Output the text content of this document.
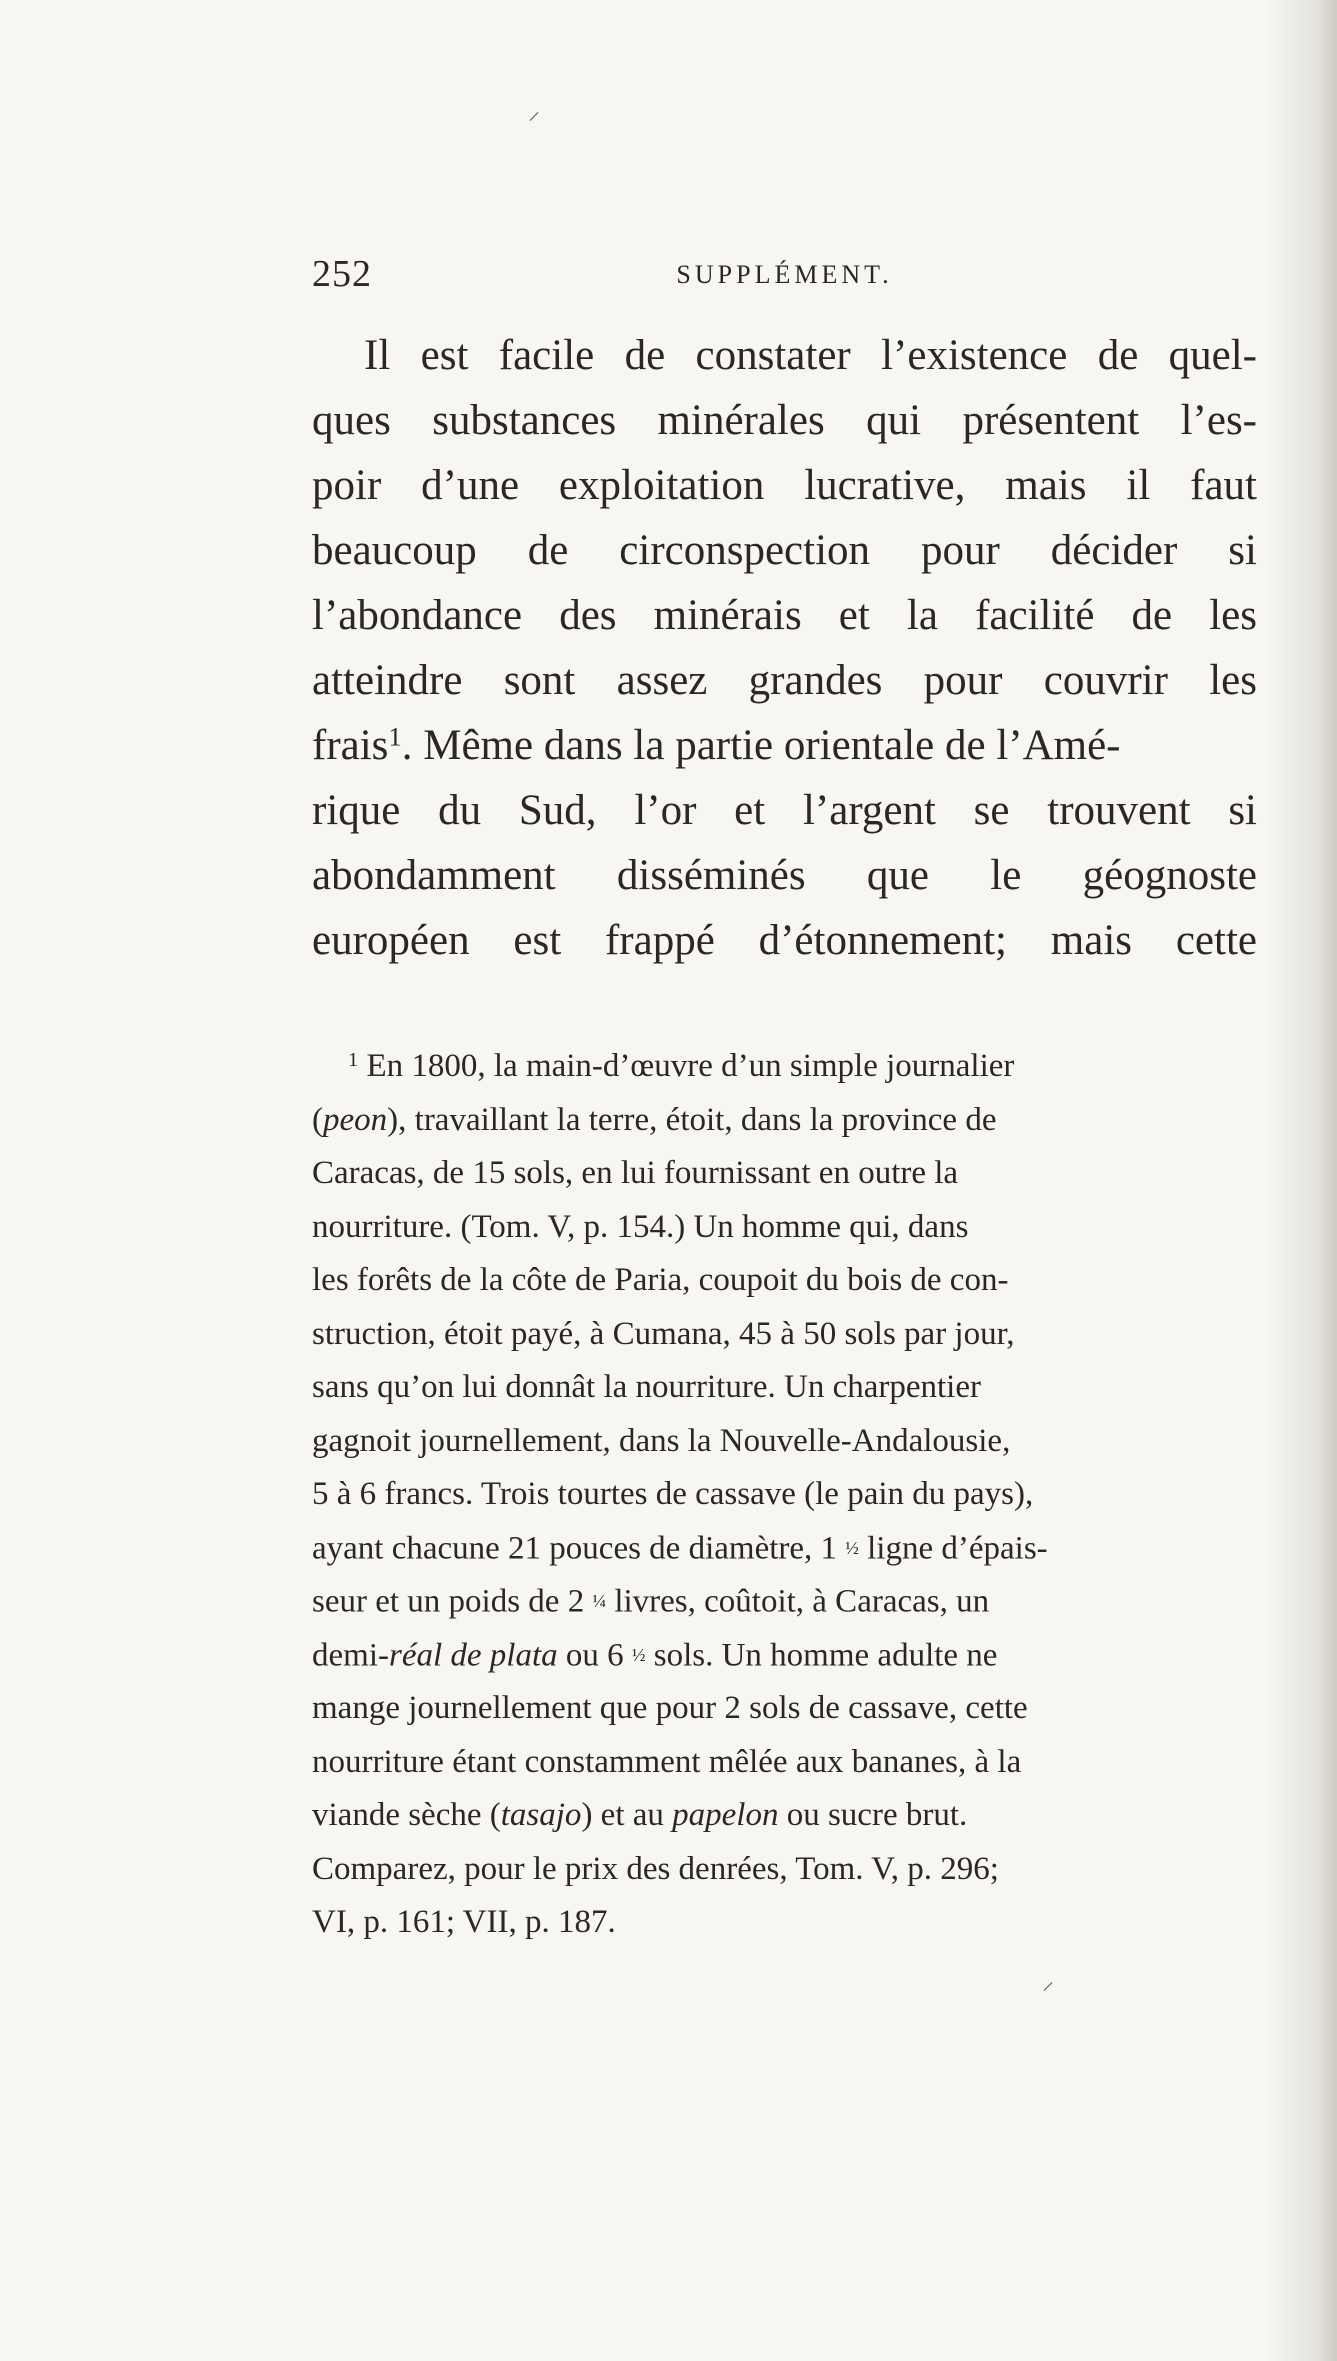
⸝
⸝
252	SUPPLÉMENT.
Il est facile de constater l’existence de quel-
ques substances minérales qui présentent l’es-
poir d’une exploitation lucrative, mais il faut
beaucoup de circonspection pour décider si
l’abondance des minérais et la facilité de les
atteindre sont assez grandes pour couvrir les
frais$^1$. Même dans la partie orientale de l’Amé-
rique du Sud, l’or et l’argent se trouvent si
abondamment disséminés que le géognoste
européen est frappé d’étonnement; mais cette
$^1$ En 1800, la main-d’œuvre d’un simple journalier
(peon), travaillant la terre, étoit, dans la province de
Caracas, de 15 sols, en lui fournissant en outre la
nourriture. (Tom. V, p. 154.) Un homme qui, dans
les forêts de la côte de Paria, coupoit du bois de con-
struction, étoit payé, à Cumana, 45 à 50 sols par jour,
sans qu’on lui donnât la nourriture. Un charpentier
gagnoit journellement, dans la Nouvelle-Andalousie,
5 à 6 francs. Trois tourtes de cassave (le pain du pays),
ayant chacune 21 pouces de diamètre, 1 ½ ligne d’épais-
seur et un poids de 2 ¼ livres, coûtoit, à Caracas, un
demi-réal de plata ou 6 ½ sols. Un homme adulte ne
mange journellement que pour 2 sols de cassave, cette
nourriture étant constamment mêlée aux bananes, à la
viande sèche (tasajo) et au papelon ou sucre brut.
Comparez, pour le prix des denrées, Tom. V, p. 296;
VI, p. 161; VII, p. 187.
